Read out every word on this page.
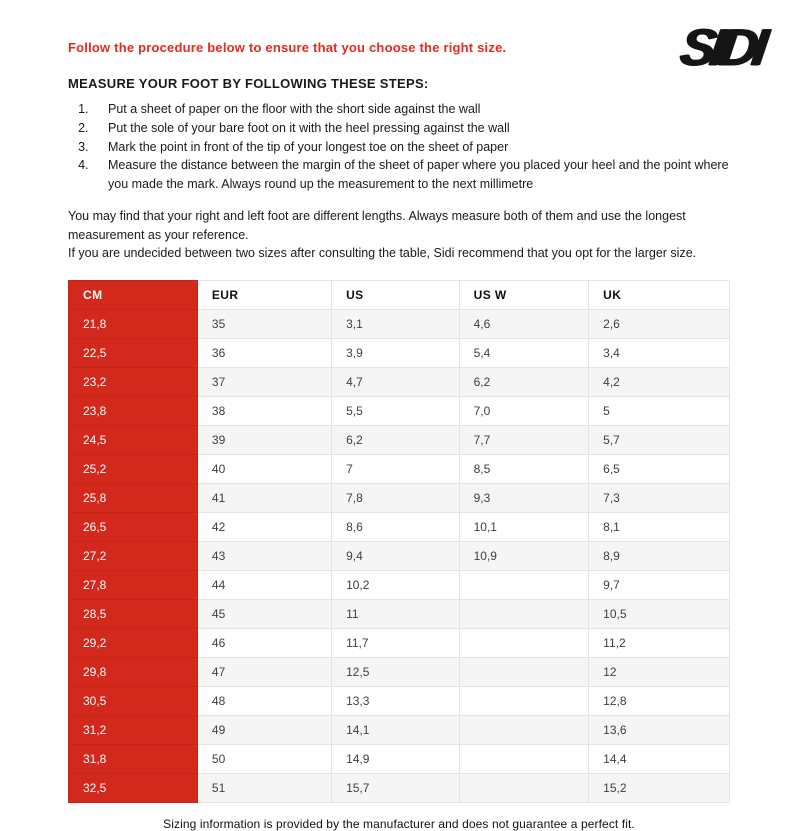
SIDI

Follow the procedure below to ensure that you choose the right size.

MEASURE YOUR FOOT BY FOLLOWING THESE STEPS:
1. Put a sheet of paper on the floor with the short side against the wall
2. Put the sole of your bare foot on it with the heel pressing against the wall
3. Mark the point in front of the tip of your longest toe on the sheet of paper
4. Measure the distance between the margin of the sheet of paper where you placed your heel and the point where you made the mark. Always round up the measurement to the next millimetre

You may find that your right and left foot are different lengths. Always measure both of them and use the longest measurement as your reference.

If you are undecided between two sizes after consulting the table, Sidi recommend that you opt for the larger size.

CM	EUR	US	US W	UK
21,8	35	3,1	4,6	2,6
22,5	36	3,9	5,4	3,4
23,2	37	4,7	6,2	4,2
23,8	38	5,5	7,0	5
24,5	39	6,2	7,7	5,7
25,2	40	7	8,5	6,5
25,8	41	7,8	9,3	7,3
26,5	42	8,6	10,1	8,1
27,2	43	9,4	10,9	8,9
27,8	44	10,2		9,7
28,5	45	11		10,5
29,2	46	11,7		11,2
29,8	47	12,5		12
30,5	48	13,3		12,8
31,2	49	14,1		13,6
31,8	50	14,9		14,4
32,5	51	15,7		15,2

Sizing information is provided by the manufacturer and does not guarantee a perfect fit.
